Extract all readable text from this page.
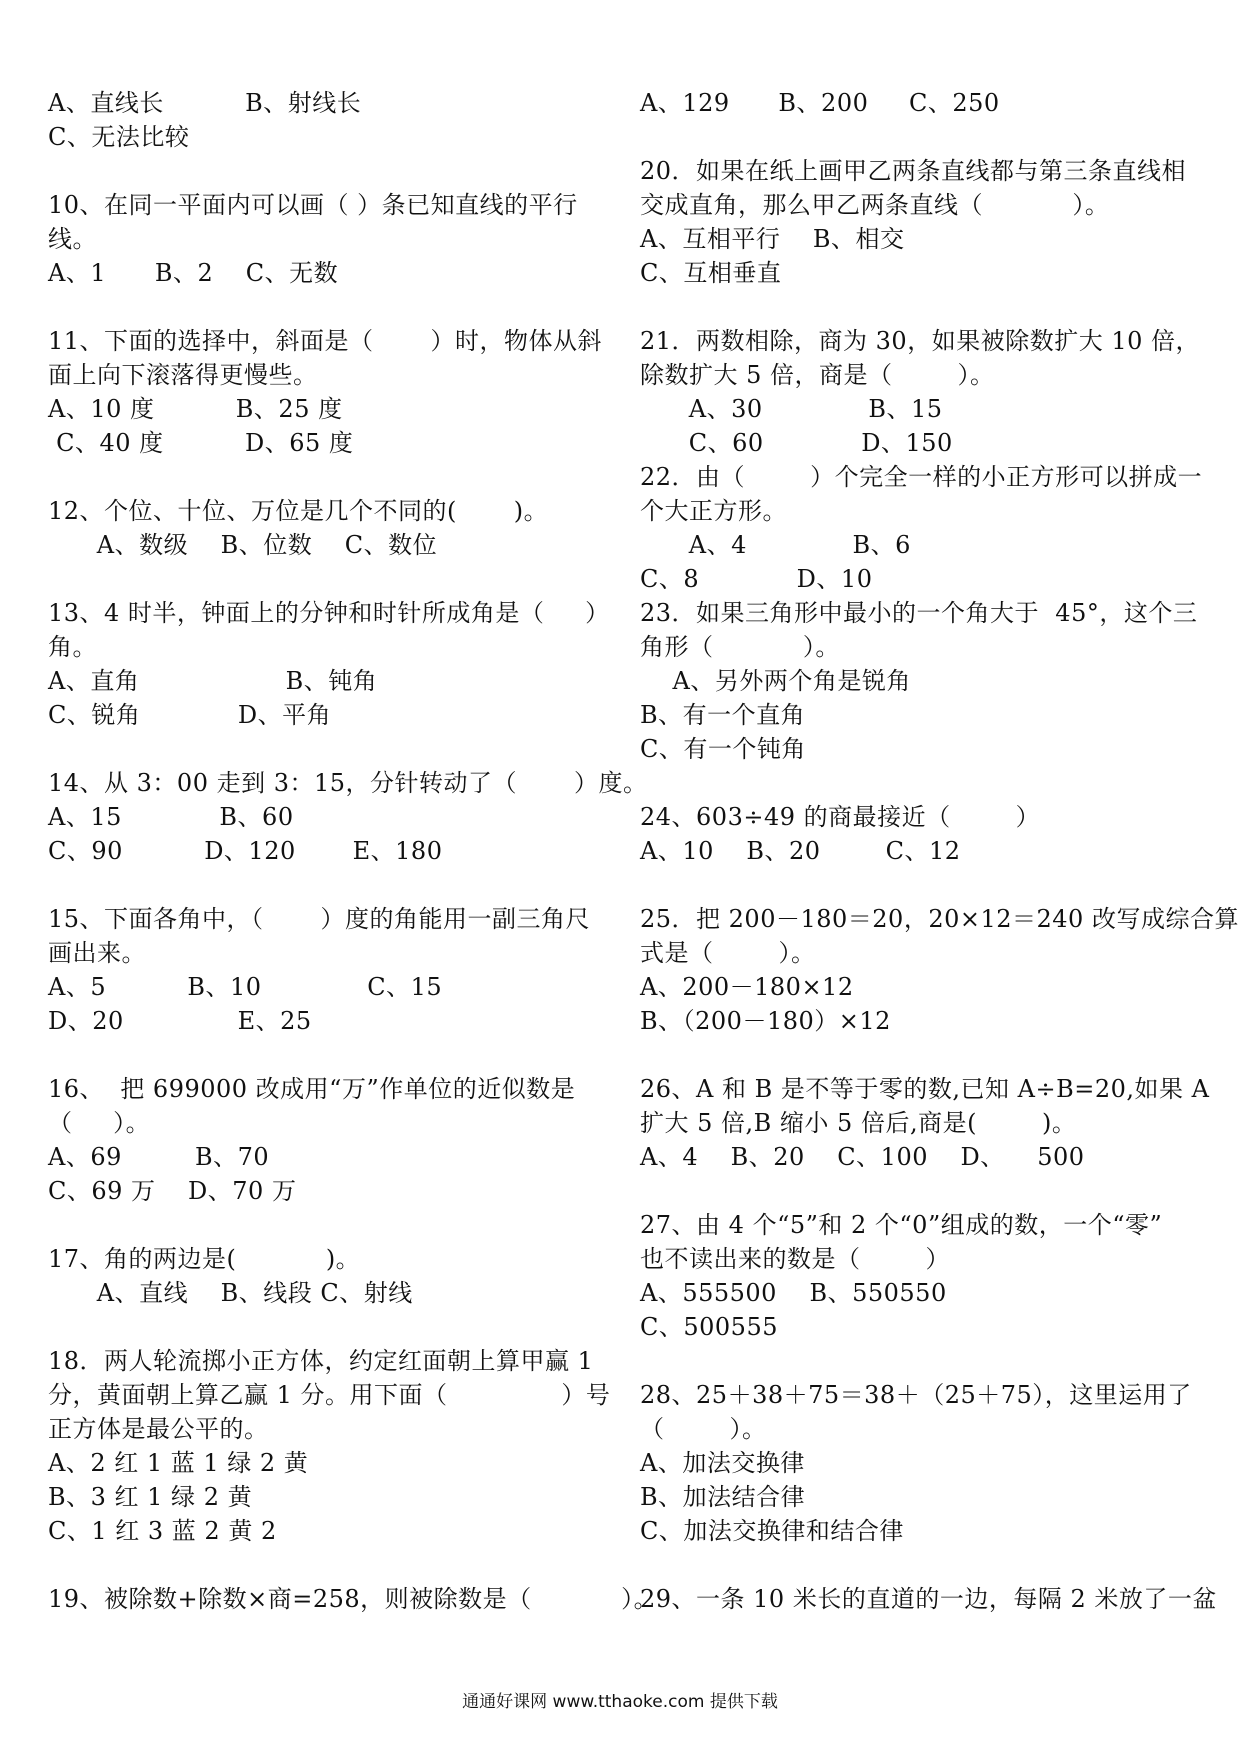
A、直线长          B、射线长
C、无法比较
10、在同一平面内可以画（ ）条已知直线的平行
线。
A、1      B、2    C、无数
11、下面的选择中，斜面是（       ）时，物体从斜
面上向下滚落得更慢些。
A、10 度          B、25 度
C、40 度          D、65 度
12、个位、十位、万位是几个不同的(       )。
A、数级    B、位数    C、数位
13、4 时半，钟面上的分钟和时针所成角是（     ）
角。
A、直角                  B、钝角
C、锐角            D、平角
14、从 3：00 走到 3：15，分针转动了（       ）度。
A、15            B、60
C、90          D、120       E、180
15、下面各角中，（       ）度的角能用一副三角尺
画出来。
A、5          B、10             C、15
D、20              E、25
16、  把 699000 改成用“万”作单位的近似数是
（     ）。
A、69         B、70
C、69 万    D、70 万
17、角的两边是(           )。
A、直线    B、线段 C、射线
18．两人轮流掷小正方体，约定红面朝上算甲赢 1
分，黄面朝上算乙赢 1 分。用下面（              ）号
正方体是最公平的。
A、2 红 1 蓝 1 绿 2 黄
B、3 红 1 绿 2 黄
C、1 红 3 蓝 2 黄 2
19、被除数+除数×商=258，则被除数是（           ）。
A、129      B、200     C、250
20．如果在纸上画甲乙两条直线都与第三条直线相
交成直角，那么甲乙两条直线（           ）。
A、互相平行    B、相交
C、互相垂直
21．两数相除，商为 30，如果被除数扩大 10 倍，
除数扩大 5 倍，商是（        ）。
A、30             B、15
C、60            D、150
22．由（        ）个完全一样的小正方形可以拼成一
个大正方形。
A、4             B、6
C、8            D、10
23．如果三角形中最小的一个角大于  45°，这个三
角形（           ）。
A、另外两个角是锐角
B、有一个直角
C、有一个钝角
24、603÷49 的商最接近（        ）
A、10    B、20        C、12
25．把 200－180＝20，20×12＝240 改写成综合算
式是（        ）。
A、200－180×12
B、（200－180）×12
26、A 和 B 是不等于零的数,已知 A÷B=20,如果 A
扩大 5 倍,B 缩小 5 倍后,商是(        )。
A、4    B、20    C、100    D、    500
27、由 4 个“5”和 2 个“0”组成的数，一个“零”
也不读出来的数是（        ）
A、555500    B、550550
C、500555
28、25＋38＋75＝38＋（25＋75），这里运用了
（        ）。
A、加法交换律
B、加法结合律
C、加法交换律和结合律
29、一条 10 米长的直道的一边，每隔 2 米放了一盆
通通好课网 www.tthaoke.com 提供下载
